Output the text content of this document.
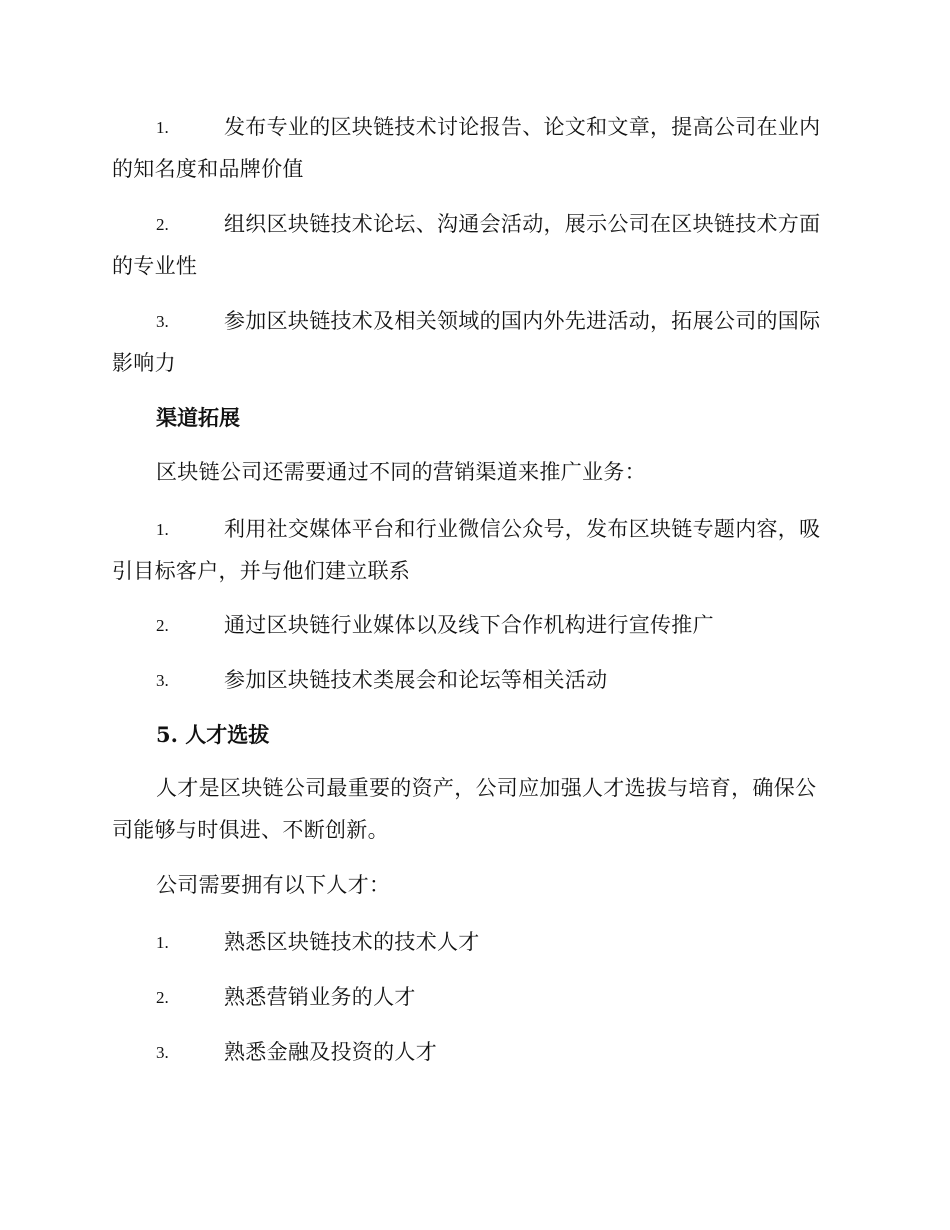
发布专业的区块链技术讨论报告、论文和文章，提高公司在业内的知名度和品牌价值
1.
组织区块链技术论坛、沟通会活动，展示公司在区块链技术方面的专业性
2.
参加区块链技术及相关领域的国内外先进活动，拓展公司的国际影响力
3.
渠道拓展
区块链公司还需要通过不同的营销渠道来推广业务：
利用社交媒体平台和行业微信公众号，发布区块链专题内容，吸引目标客户，并与他们建立联系
1.
通过区块链行业媒体以及线下合作机构进行宣传推广
2.
参加区块链技术类展会和论坛等相关活动
3.
5. 人才选拔
人才是区块链公司最重要的资产，公司应加强人才选拔与培育，确保公司能够与时俱进、不断创新。
公司需要拥有以下人才：
熟悉区块链技术的技术人才
1.
熟悉营销业务的人才
2.
熟悉金融及投资的人才
3.
